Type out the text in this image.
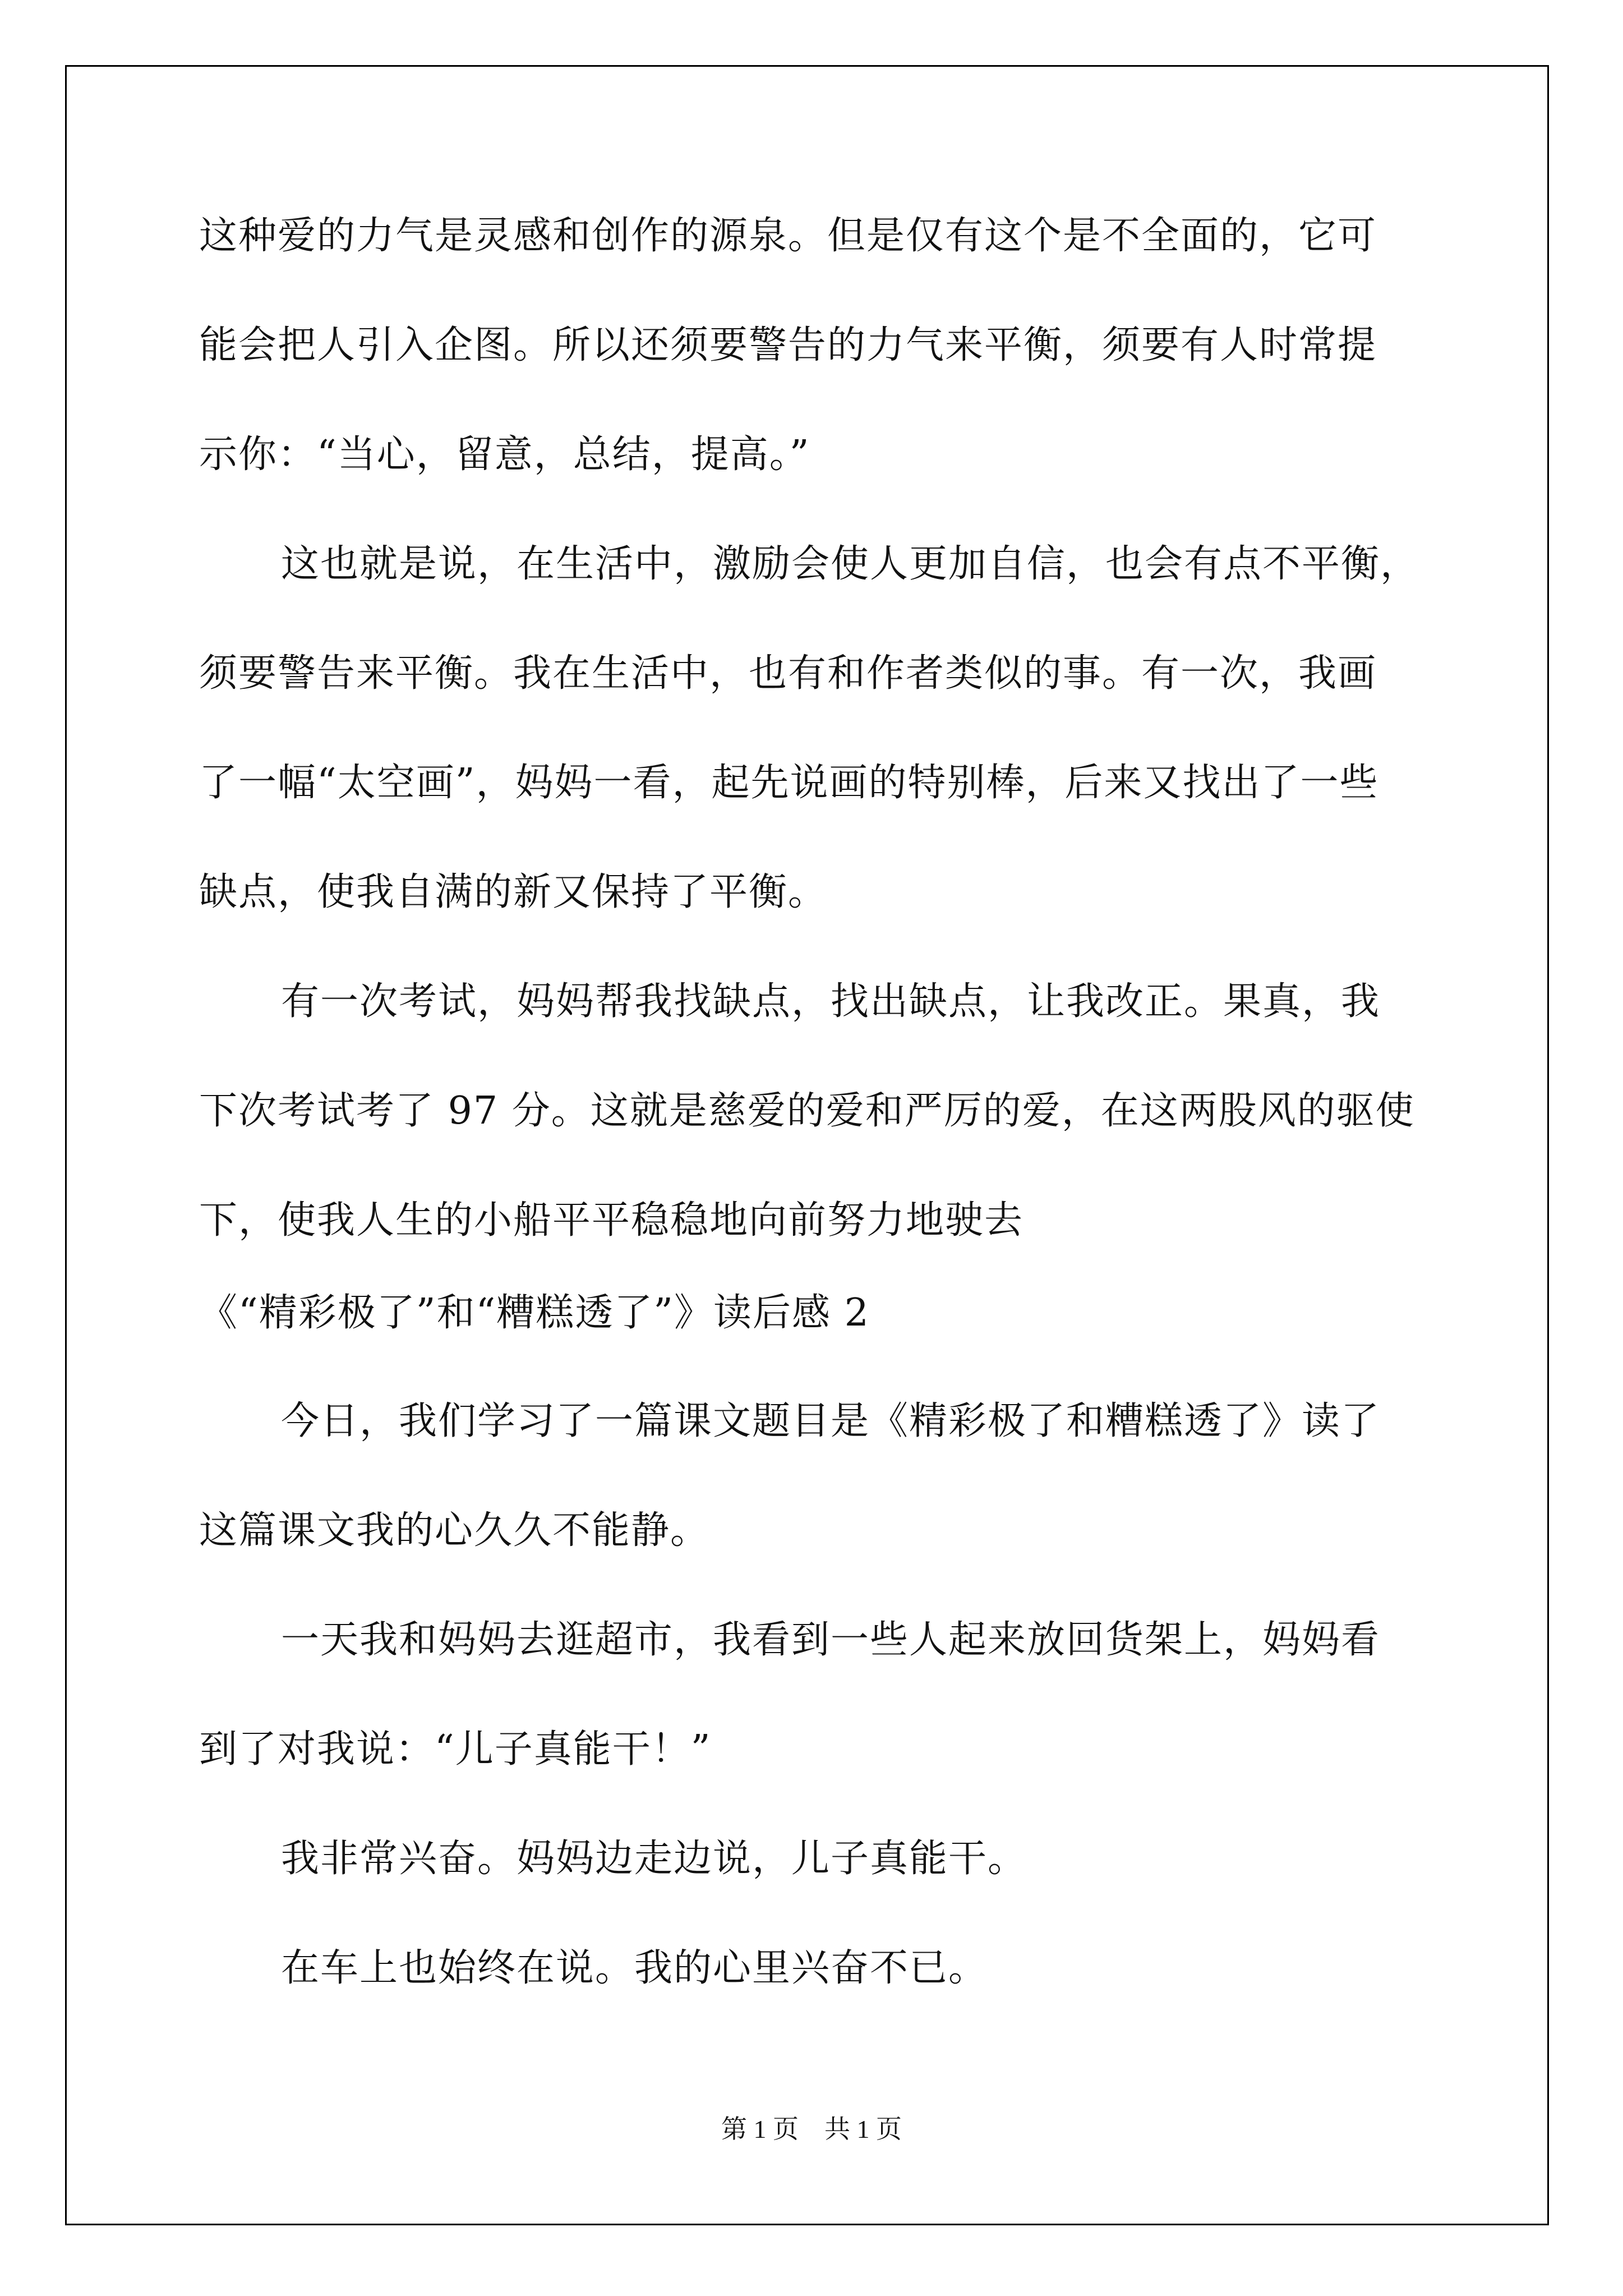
这种爱的力气是灵感和创作的源泉。但是仅有这个是不全面的，它可

能会把人引入企图。所以还须要警告的力气来平衡，须要有人时常提

示你：“当心，留意，总结，提高。”

这也就是说，在生活中，激励会使人更加自信，也会有点不平衡，

须要警告来平衡。我在生活中，也有和作者类似的事。有一次，我画

了一幅“太空画”，妈妈一看，起先说画的特别棒，后来又找出了一些

缺点，使我自满的新又保持了平衡。

有一次考试，妈妈帮我找缺点，找出缺点，让我改正。果真，我

下次考试考了 97 分。这就是慈爱的爱和严厉的爱，在这两股风的驱使

下，使我人生的小船平平稳稳地向前努力地驶去

《“精彩极了”和“糟糕透了”》读后感 2

今日，我们学习了一篇课文题目是《精彩极了和糟糕透了》读了

这篇课文我的心久久不能静。

一天我和妈妈去逛超市，我看到一些人起来放回货架上，妈妈看

到了对我说：“儿子真能干！”

我非常兴奋。妈妈边走边说，儿子真能干。

在车上也始终在说。我的心里兴奋不已。

第 1 页 共 1 页
